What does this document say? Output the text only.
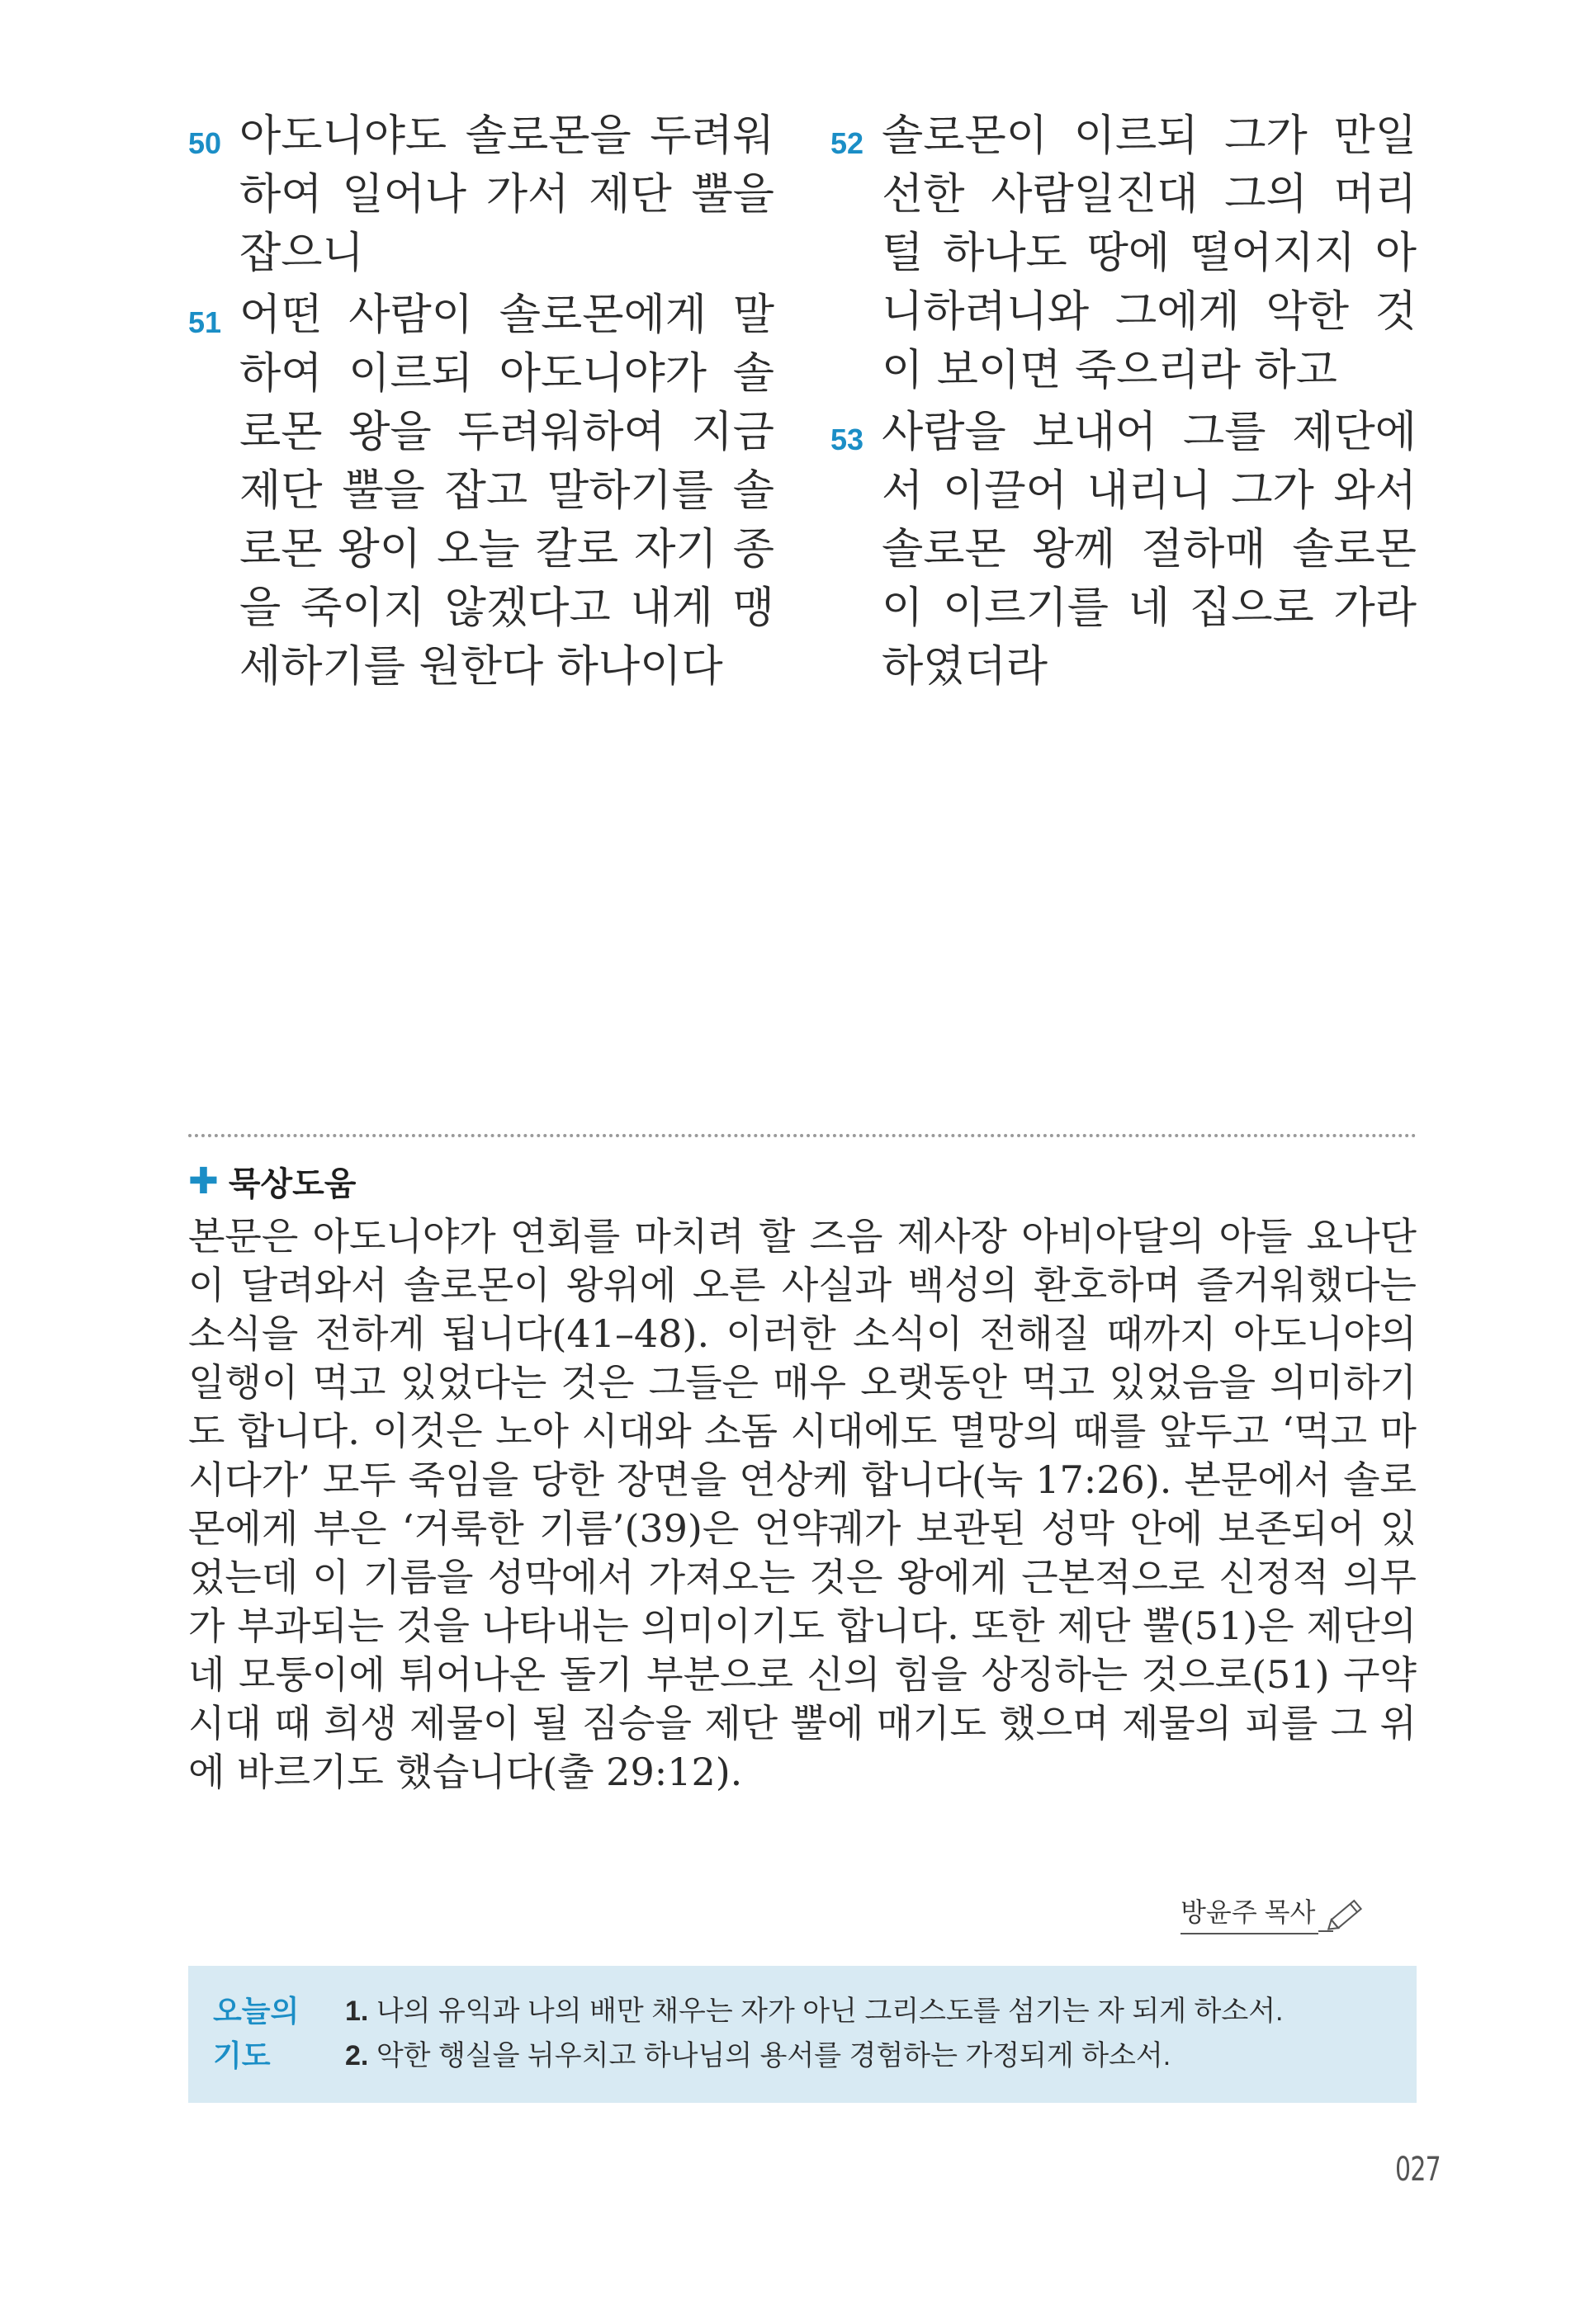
50 아도니야도 솔로몬을 두려워하여 일어나 가서 제단 뿔을 잡으니
51 어떤 사람이 솔로몬에게 말하여 이르되 아도니야가 솔로몬 왕을 두려워하여 지금 제단 뿔을 잡고 말하기를 솔로몬 왕이 오늘 칼로 자기 종을 죽이지 않겠다고 내게 맹세하기를 원한다 하나이다
52 솔로몬이 이르되 그가 만일 선한 사람일진대 그의 머리털 하나도 땅에 떨어지지 아니하려니와 그에게 악한 것이 보이면 죽으리라 하고
53 사람을 보내어 그를 제단에서 이끌어 내리니 그가 와서 솔로몬 왕께 절하매 솔로몬이 이르기를 네 집으로 가라 하였더라
✚ 묵상도움
본문은 아도니야가 연회를 마치려 할 즈음 제사장 아비아달의 아들 요나단이 달려와서 솔로몬이 왕위에 오른 사실과 백성의 환호하며 즐거워했다는 소식을 전하게 됩니다(41–48). 이러한 소식이 전해질 때까지 아도니야의 일행이 먹고 있었다는 것은 그들은 매우 오랫동안 먹고 있었음을 의미하기도 합니다. 이것은 노아 시대와 소돔 시대에도 멸망의 때를 앞두고 ‘먹고 마시다가’ 모두 죽임을 당한 장면을 연상케 합니다(눅 17:26). 본문에서 솔로몬에게 부은 ‘거룩한 기름’(39)은 언약궤가 보관된 성막 안에 보존되어 있었는데 이 기름을 성막에서 가져오는 것은 왕에게 근본적으로 신정적 의무가 부과되는 것을 나타내는 의미이기도 합니다. 또한 제단 뿔(51)은 제단의 네 모퉁이에 튀어나온 돌기 부분으로 신의 힘을 상징하는 것으로(51) 구약시대 때 희생 제물이 될 짐승을 제단 뿔에 매기도 했으며 제물의 피를 그 위에 바르기도 했습니다(출 29:12).
방윤주 목사
오늘의
기도
1. 나의 유익과 나의 배만 채우는 자가 아닌 그리스도를 섬기는 자 되게 하소서.
2. 악한 행실을 뉘우치고 하나님의 용서를 경험하는 가정되게 하소서.
027
